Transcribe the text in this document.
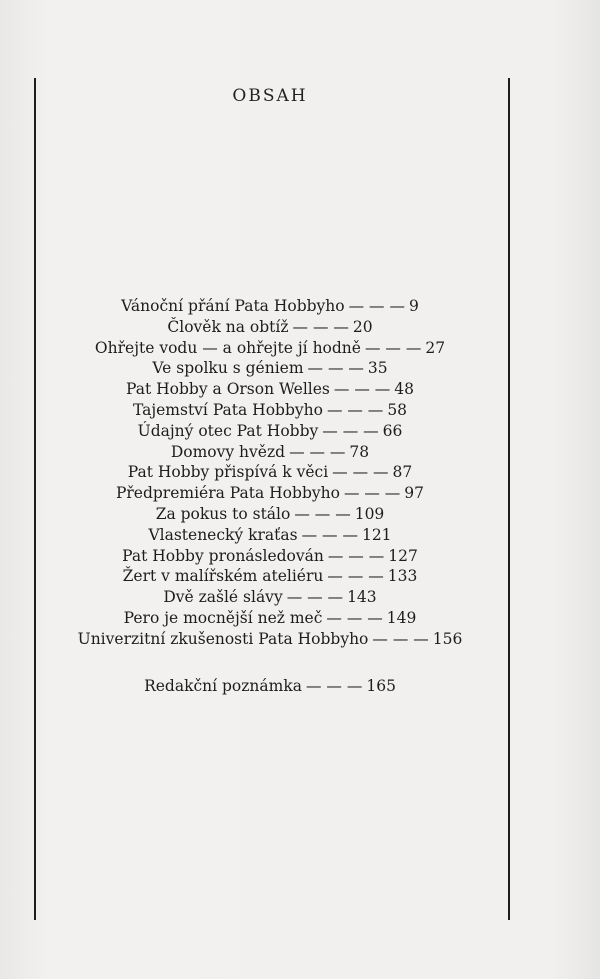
OBSAH
Vánoční přání Pata Hobbyho — — — 9
Člověk na obtíž — — — 20
Ohřejte vodu — a ohřejte jí hodně — — — 27
Ve spolku s géniem — — — 35
Pat Hobby a Orson Welles — — — 48
Tajemství Pata Hobbyho — — — 58
Údajný otec Pat Hobby — — — 66
Domovy hvězd — — — 78
Pat Hobby přispívá k věci — — — 87
Předpremiéra Pata Hobbyho — — — 97
Za pokus to stálo — — — 109
Vlastenecký kraťas — — — 121
Pat Hobby pronásledován — — — 127
Žert v malířském ateliéru — — — 133
Dvě zašlé slávy — — — 143
Pero je mocnější než meč — — — 149
Univerzitní zkušenosti Pata Hobbyho — — — 156
Redakční poznámka — — — 165
